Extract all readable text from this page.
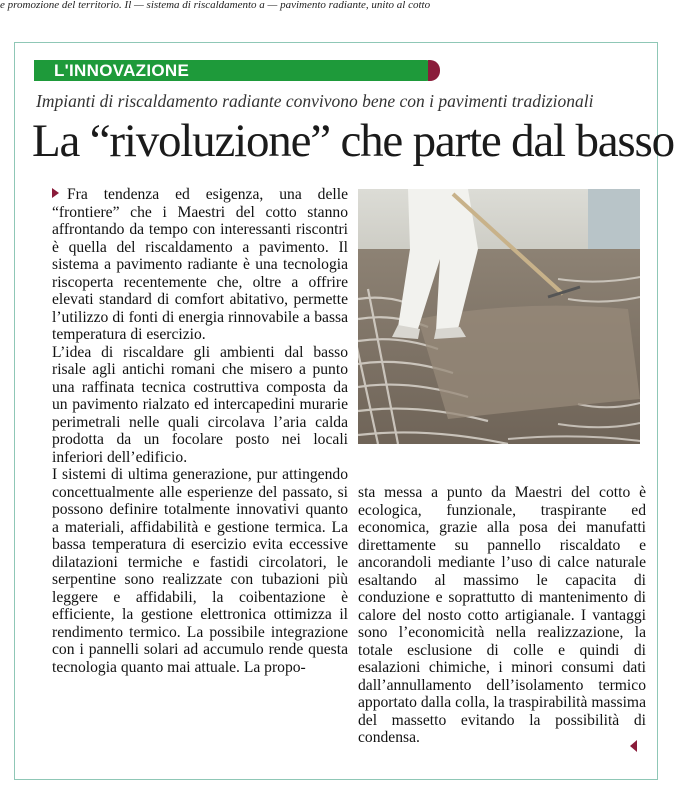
e promozione del territorio. Il — sistema di riscaldamento a — pavimento radiante, unito al cotto
L'INNOVAZIONE
Impianti di riscaldamento radiante convivono bene con i pavimenti tradizionali
La “rivoluzione” che parte dal basso

Fra tendenza ed esigenza, una delle “frontiere” che i Maestri del cotto stanno affrontando da tempo con interessanti riscontri è quella del riscaldamento a pavimento. Il sistema a pavimento radiante è una tecnologia riscoperta recentemente che, oltre a offrire elevati standard di comfort abitativo, permette l’utilizzo di fonti di energia rinnovabile a bassa temperatura di esercizio.

L’idea di riscaldare gli ambienti dal basso risale agli antichi romani che misero a punto una raffinata tecnica costruttiva composta da un pavimento rialzato ed intercapedini murarie perimetrali nelle quali circolava l’aria calda prodotta da un focolare posto nei locali inferiori dell’edificio.

I sistemi di ultima generazione, pur attingendo concettualmente alle esperienze del passato, si possono definire totalmente innovativi quanto a materiali, affidabilità e gestione termica. La bassa temperatura di esercizio evita eccessive dilatazioni termiche e fastidi circolatori, le serpentine sono realizzate con tubazioni più leggere e affidabili, la coibentazione è efficiente, la gestione elettronica ottimizza il rendimento termico. La possibile integrazione con i pannelli solari ad accumulo rende questa tecnologia quanto mai attuale. La propo-

sta messa a punto da Maestri del cotto è ecologica, funzionale, traspirante ed economica, grazie alla posa dei manufatti direttamente su pannello riscaldato e ancorandoli mediante l’uso di calce naturale esaltando al massimo le capacita di conduzione e soprattutto di mantenimento di calore del nosto cotto artigianale. I vantaggi sono l’economicità nella realizzazione, la totale esclusione di colle e quindi di esalazioni chimiche, i minori consumi dati dall’annullamento dell’isolamento termico apportato dalla colla, la traspirabilità massima del massetto evitando la possibilità di condensa.
